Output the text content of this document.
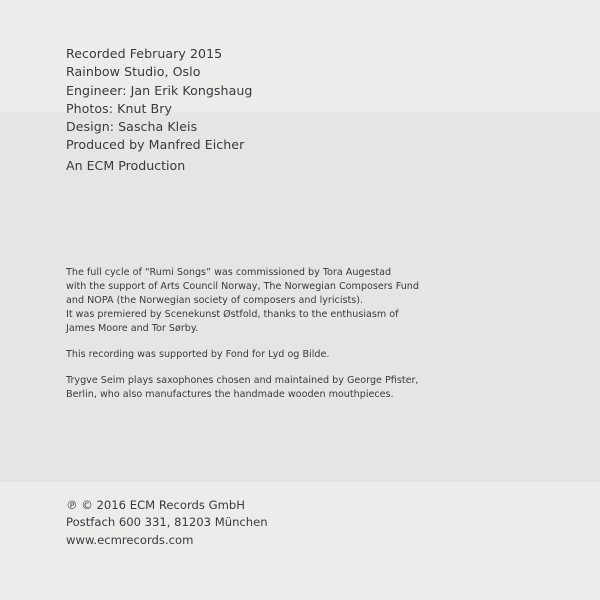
Recorded February 2015
Rainbow Studio, Oslo
Engineer: Jan Erik Kongshaug
Photos: Knut Bry
Design: Sascha Kleis
Produced by Manfred Eicher
An ECM Production

The full cycle of “Rumi Songs” was commissioned by Tora Augestad
with the support of Arts Council Norway, The Norwegian Composers Fund
and NOPA (the Norwegian society of composers and lyricists).
It was premiered by Scenekunst Østfold, thanks to the enthusiasm of
James Moore and Tor Sørby.

This recording was supported by Fond for Lyd og Bilde.

Trygve Seim plays saxophones chosen and maintained by George Pfister,
Berlin, who also manufactures the handmade wooden mouthpieces.

℗ © 2016 ECM Records GmbH
Postfach 600 331, 81203 München
www.ecmrecords.com
